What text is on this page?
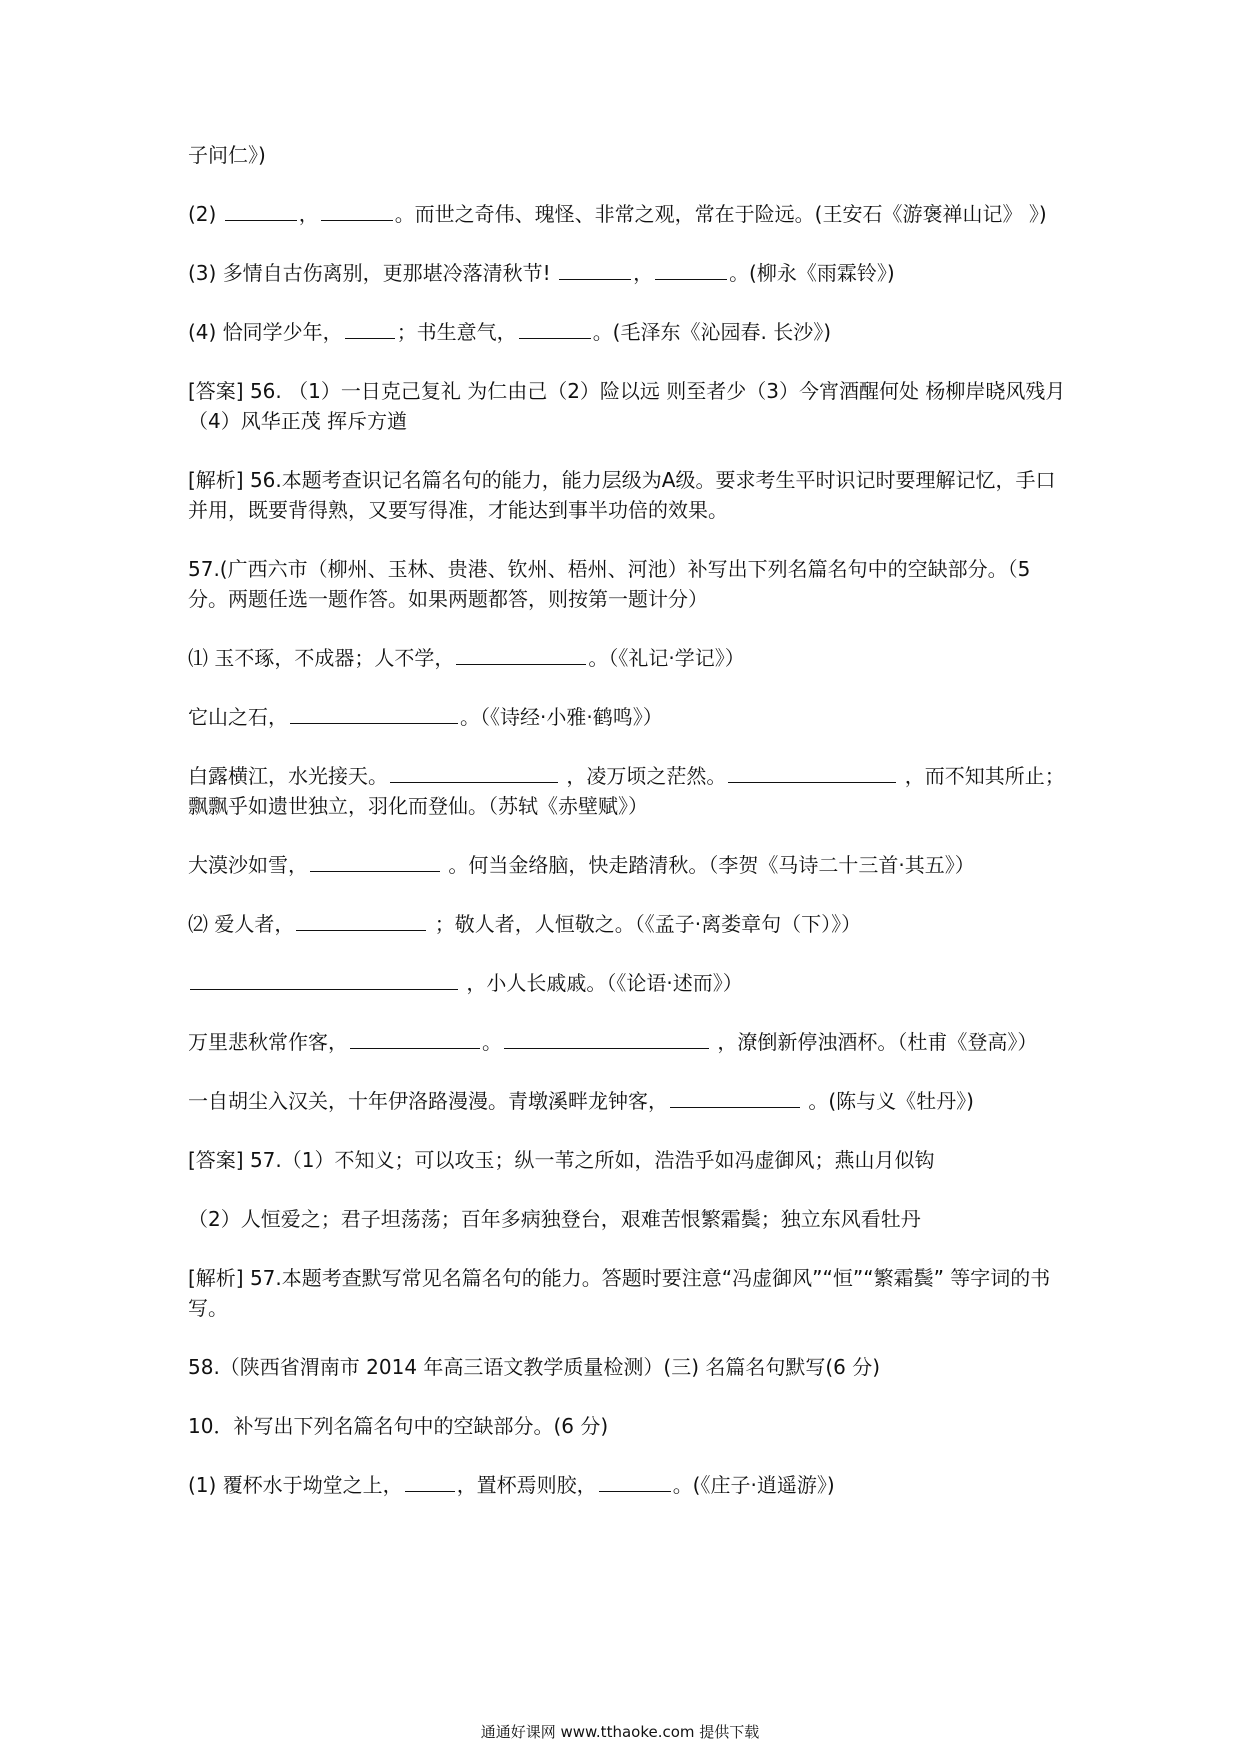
子问仁》)

(2)	，	。而世之奇伟、瑰怪、非常之观，常在于险远。(王安石《游褒禅山记》 》)

(3) 多情自古伤离别，更那堪冷落清秋节!	，	。(柳永《雨霖铃》)

(4) 恰同学少年，	；书生意气，	。(毛泽东《沁园春. 长沙》)

[答案] 56. （1）一日克己复礼 为仁由己（2）险以远 则至者少（3）今宵酒醒何处 杨柳岸晓风残月（4）风华正茂 挥斥方遒

[解析] 56.本题考查识记名篇名句的能力，能力层级为A级。要求考生平时识记时要理解记忆，手口并用，既要背得熟，又要写得准，才能达到事半功倍的效果。

57.(广西六市（柳州、玉林、贵港、钦州、梧州、河池）补写出下列名篇名句中的空缺部分。（5 分。两题任选一题作答。如果两题都答，则按第一题计分）

⑴ 玉不琢，不成器；人不学，	。（《礼记·学记》）

它山之石，	。（《诗经·小雅·鹤鸣》）

白露横江，水光接天。	，凌万顷之茫然。	，而不知其所止；飘飘乎如遗世独立，羽化而登仙。（苏轼《赤壁赋》）

大漠沙如雪，	。何当金络脑，快走踏清秋。（李贺《马诗二十三首·其五》）

⑵ 爱人者，	；敬人者，人恒敬之。（《孟子·离娄章句（下）》）

，小人长戚戚。（《论语·述而》）

万里悲秋常作客，	。	，潦倒新停浊酒杯。（杜甫《登高》）

一自胡尘入汉关，十年伊洛路漫漫。青墩溪畔龙钟客，	。(陈与义《牡丹》)

[答案] 57.（1）不知义；可以攻玉；纵一苇之所如，浩浩乎如冯虚御风；燕山月似钩

（2）人恒爱之；君子坦荡荡；百年多病独登台，艰难苦恨繁霜鬓；独立东风看牡丹

[解析] 57.本题考查默写常见名篇名句的能力。答题时要注意“冯虚御风”“恒”“繁霜鬓” 等字词的书写。

58.（陕西省渭南市 2014 年高三语文教学质量检测）(三) 名篇名句默写(6 分)

10．补写出下列名篇名句中的空缺部分。(6 分)

(1) 覆杯水于坳堂之上，	，置杯焉则胶，	。(《庄子·逍遥游》)

通通好课网 www.tthaoke.com 提供下载
